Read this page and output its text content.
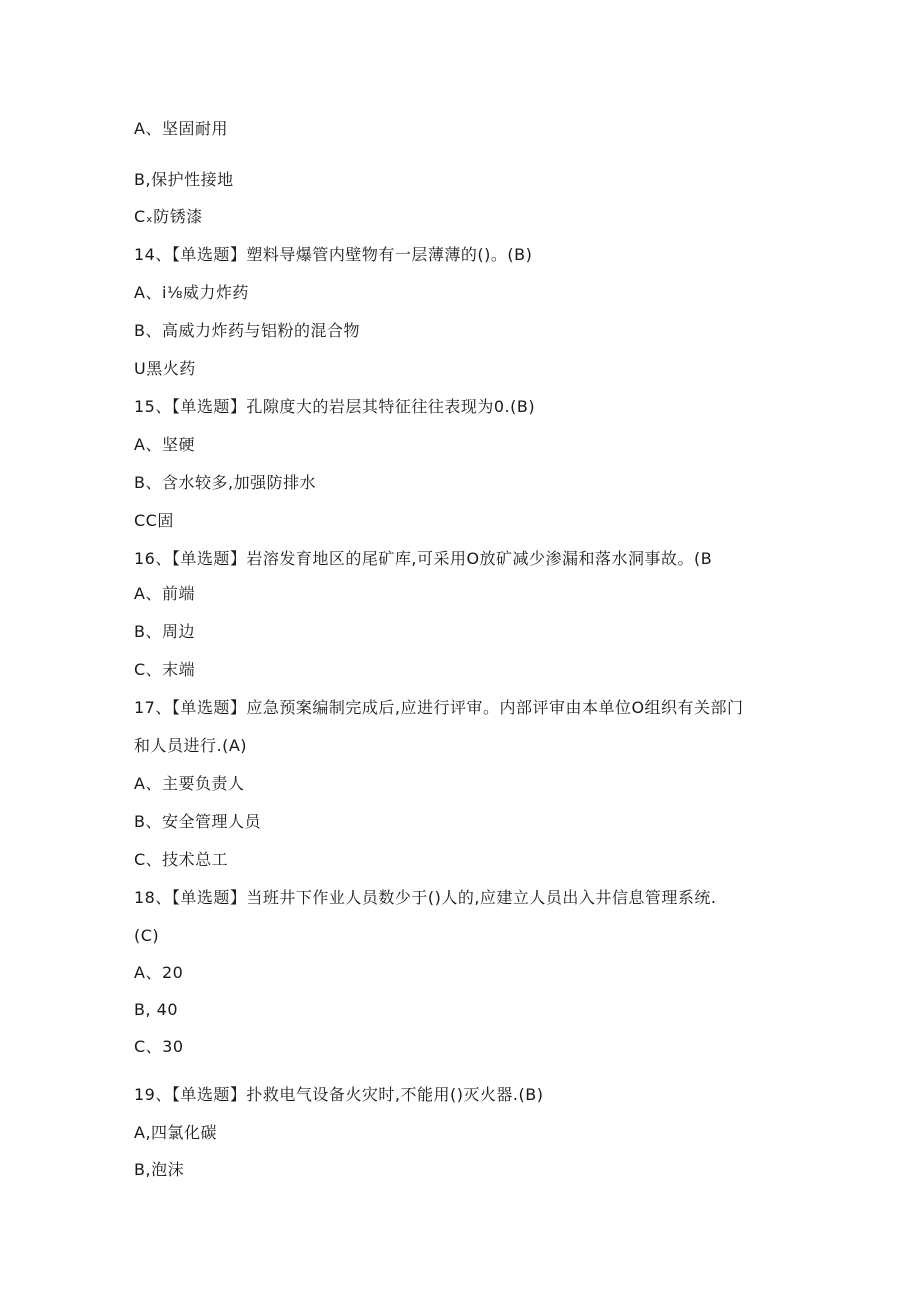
A、坚固耐用
B,保护性接地
Cₓ防锈漆
14、【单选题】塑料导爆管内壁物有一层薄薄的()。(B)
A、i⅛威力炸药
B、高威力炸药与铝粉的混合物
U黑火药
15、【单选题】孔隙度大的岩层其特征往往表现为0.(B)
A、坚硬
B、含水较多,加强防排水
CC固
16、【单选题】岩溶发育地区的尾矿库,可采用O放矿减少渗漏和落水洞事故。(B
A、前端
B、周边
C、末端
17、【单选题】应急预案编制完成后,应进行评审。内部评审由本单位O组织有关部门
和人员进行.(A)
A、主要负责人
B、安全管理人员
C、技术总工
18、【单选题】当班井下作业人员数少于()人的,应建立人员出入井信息管理系统.
(C)
A、20
B, 40
C、30
19、【单选题】扑救电气设备火灾时,不能用()灭火器.(B)
A,四氯化碳
B,泡沫
